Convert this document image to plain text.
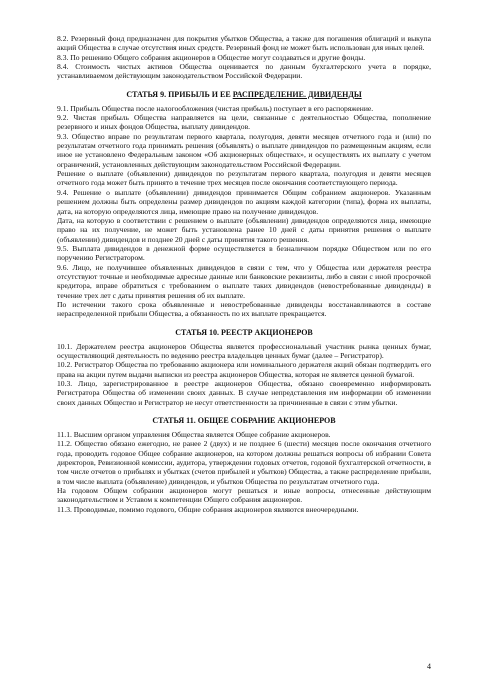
8.2. Резервный фонд предназначен для покрытия убытков Общества, а также для погашения облигаций и выкупа акций Общества в случае отсутствия иных средств. Резервный фонд не может быть использован для иных целей.

8.3. По решению Общего собрания акционеров в Обществе могут создаваться и другие фонды.

8.4. Стоимость чистых активов Общества оценивается по данным бухгалтерского учета в порядке, устанавливаемом действующим законодательством Российской Федерации.

СТАТЬЯ 9. ПРИБЫЛЬ И ЕЕ РАСПРЕДЕЛЕНИЕ. ДИВИДЕНДЫ

9.1. Прибыль Общества после налогообложения (чистая прибыль) поступает в его распоряжение.

9.2. Чистая прибыль Общества направляется на цели, связанные с деятельностью Общества, пополнение резервного и иных фондов Общества, выплату дивидендов.

9.3. Общество вправе по результатам первого квартала, полугодия, девяти месяцев отчетного года и (или) по результатам отчетного года принимать решения (объявлять) о выплате дивидендов по размещенным акциям, если иное не установлено Федеральным законом «Об акционерных обществах», и осуществлять их выплату с учетом ограничений, установленных действующим законодательством Российской Федерации.

Решение о выплате (объявлении) дивидендов по результатам первого квартала, полугодия и девяти месяцев отчетного года может быть принято в течение трех месяцев после окончания соответствующего периода.

9.4. Решение о выплате (объявлении) дивидендов принимается Общим собранием акционеров. Указанным решением должны быть определены размер дивидендов по акциям каждой категории (типа), форма их выплаты, дата, на которую определяются лица, имеющие право на получение дивидендов.

Дата, на которую в соответствии с решением о выплате (объявлении) дивидендов определяются лица, имеющие право на их получение, не может быть установлена ранее 10 дней с даты принятия решения о выплате (объявлении) дивидендов и позднее 20 дней с даты принятия такого решения.

9.5. Выплата дивидендов в денежной форме осуществляется в безналичном порядке Обществом или по его поручению Регистратором.

9.6. Лицо, не получившее объявленных дивидендов в связи с тем, что у Общества или держателя реестра отсутствуют точные и необходимые адресные данные или банковские реквизиты, либо в связи с иной просрочкой кредитора, вправе обратиться с требованием о выплате таких дивидендов (невостребованные дивиденды) в течение трех лет с даты принятия решения об их выплате.

По истечении такого срока объявленные и невостребованные дивиденды восстанавливаются в составе нераспределенной прибыли Общества, а обязанность по их выплате прекращается.

СТАТЬЯ 10. РЕЕСТР АКЦИОНЕРОВ

10.1. Держателем реестра акционеров Общества является профессиональный участник рынка ценных бумаг, осуществляющий деятельность по ведению реестра владельцев ценных бумаг (далее – Регистратор).

10.2. Регистратор Общества по требованию акционера или номинального держателя акций обязан подтвердить его права на акции путем выдачи выписки из реестра акционеров Общества, которая не является ценной бумагой.

10.3. Лицо, зарегистрированное в реестре акционеров Общества, обязано своевременно информировать Регистратора Общества об изменении своих данных. В случае непредставления им информации об изменении своих данных Общество и Регистратор не несут ответственности за причиненные в связи с этим убытки.

СТАТЬЯ 11. ОБЩЕЕ СОБРАНИЕ АКЦИОНЕРОВ

11.1. Высшим органом управления Общества является Общее собрание акционеров.

11.2. Общество обязано ежегодно, не ранее 2 (двух) и не позднее 6 (шести) месяцев после окончания отчетного года, проводить годовое Общее собрание акционеров, на котором должны решаться вопросы об избрании Совета директоров, Ревизионной комиссии, аудитора, утверждении годовых отчетов, годовой бухгалтерской отчетности, в том числе отчетов о прибылях и убытках (счетов прибылей и убытков) Общества, а также распределение прибыли, в том числе выплата (объявление) дивидендов, и убытков Общества по результатам отчетного года.

На годовом Общем собрании акционеров могут решаться и иные вопросы, отнесенные действующим законодательством и Уставом к компетенции Общего собрания акционеров.

11.3. Проводимые, помимо годового, Общие собрания акционеров являются внеочередными.

4
